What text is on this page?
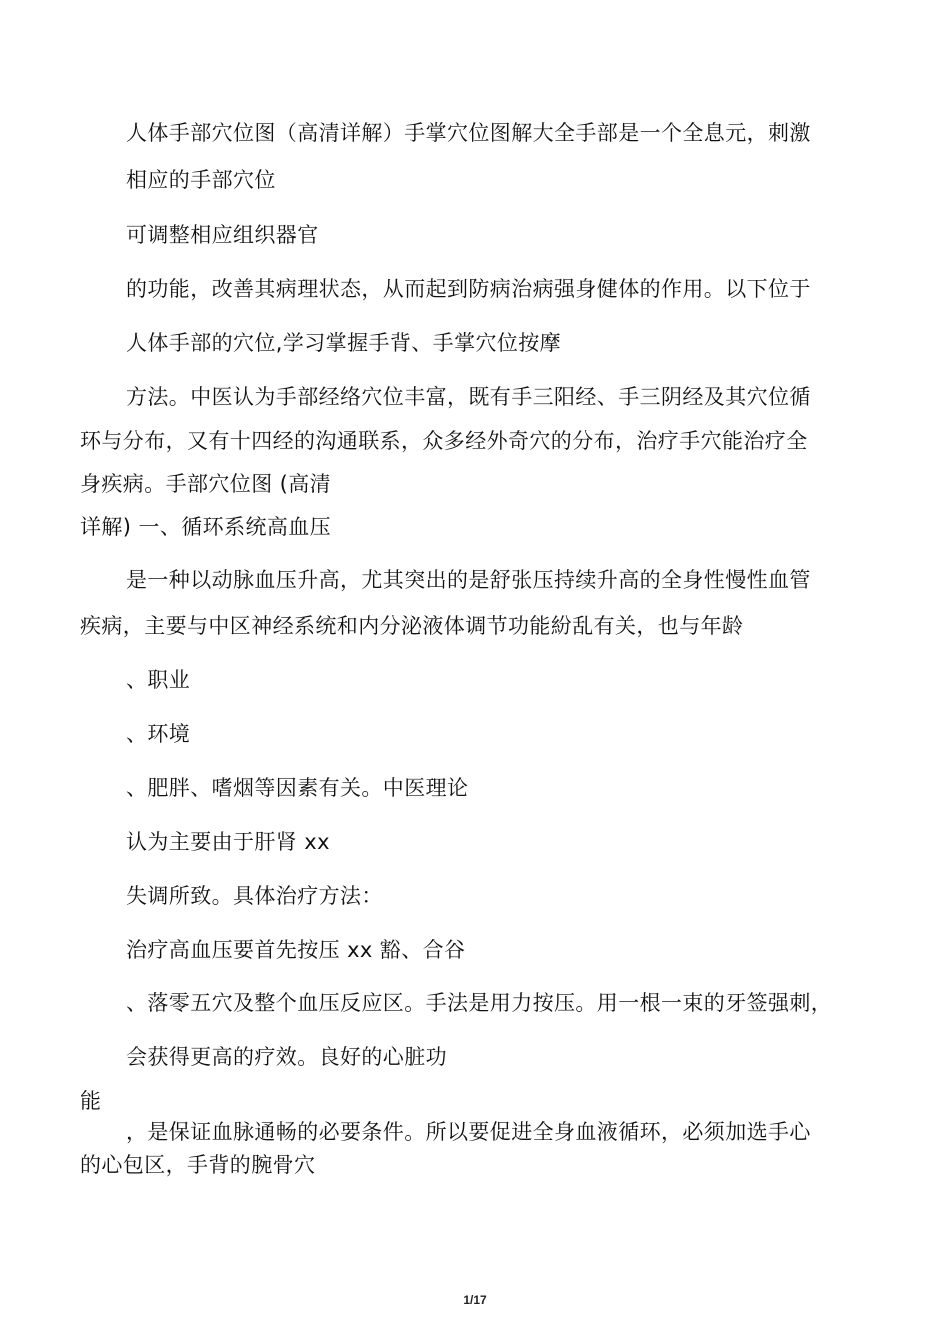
人体手部穴位图（高清详解）手掌穴位图解大全手部是一个全息元，刺激
相应的手部穴位
可调整相应组织器官
的功能，改善其病理状态，从而起到防病治病强身健体的作用。以下位于
人体手部的穴位,学习掌握手背、手掌穴位按摩
方法。中医认为手部经络穴位丰富，既有手三阳经、手三阴经及其穴位循
环与分布，又有十四经的沟通联系，众多经外奇穴的分布，治疗手穴能治疗全
身疾病。手部穴位图 (高清
详解) 一、循环系统高血压
是一种以动脉血压升高，尤其突出的是舒张压持续升高的全身性慢性血管
疾病，主要与中区神经系统和内分泌液体调节功能紛乱有关，也与年龄
、职业
、环境
、肥胖、嗜烟等因素有关。中医理论
认为主要由于肝肾 xx
失调所致。具体治疗方法：
治疗高血压要首先按压 xx 豁、合谷
、落零五穴及整个血压反应区。手法是用力按压。用一根一束的牙签强刺，
会获得更高的疗效。良好的心脏功
能
，是保证血脉通畅的必要条件。所以要促进全身血液循环，必须加选手心
的心包区，手背的腕骨穴
1/17
